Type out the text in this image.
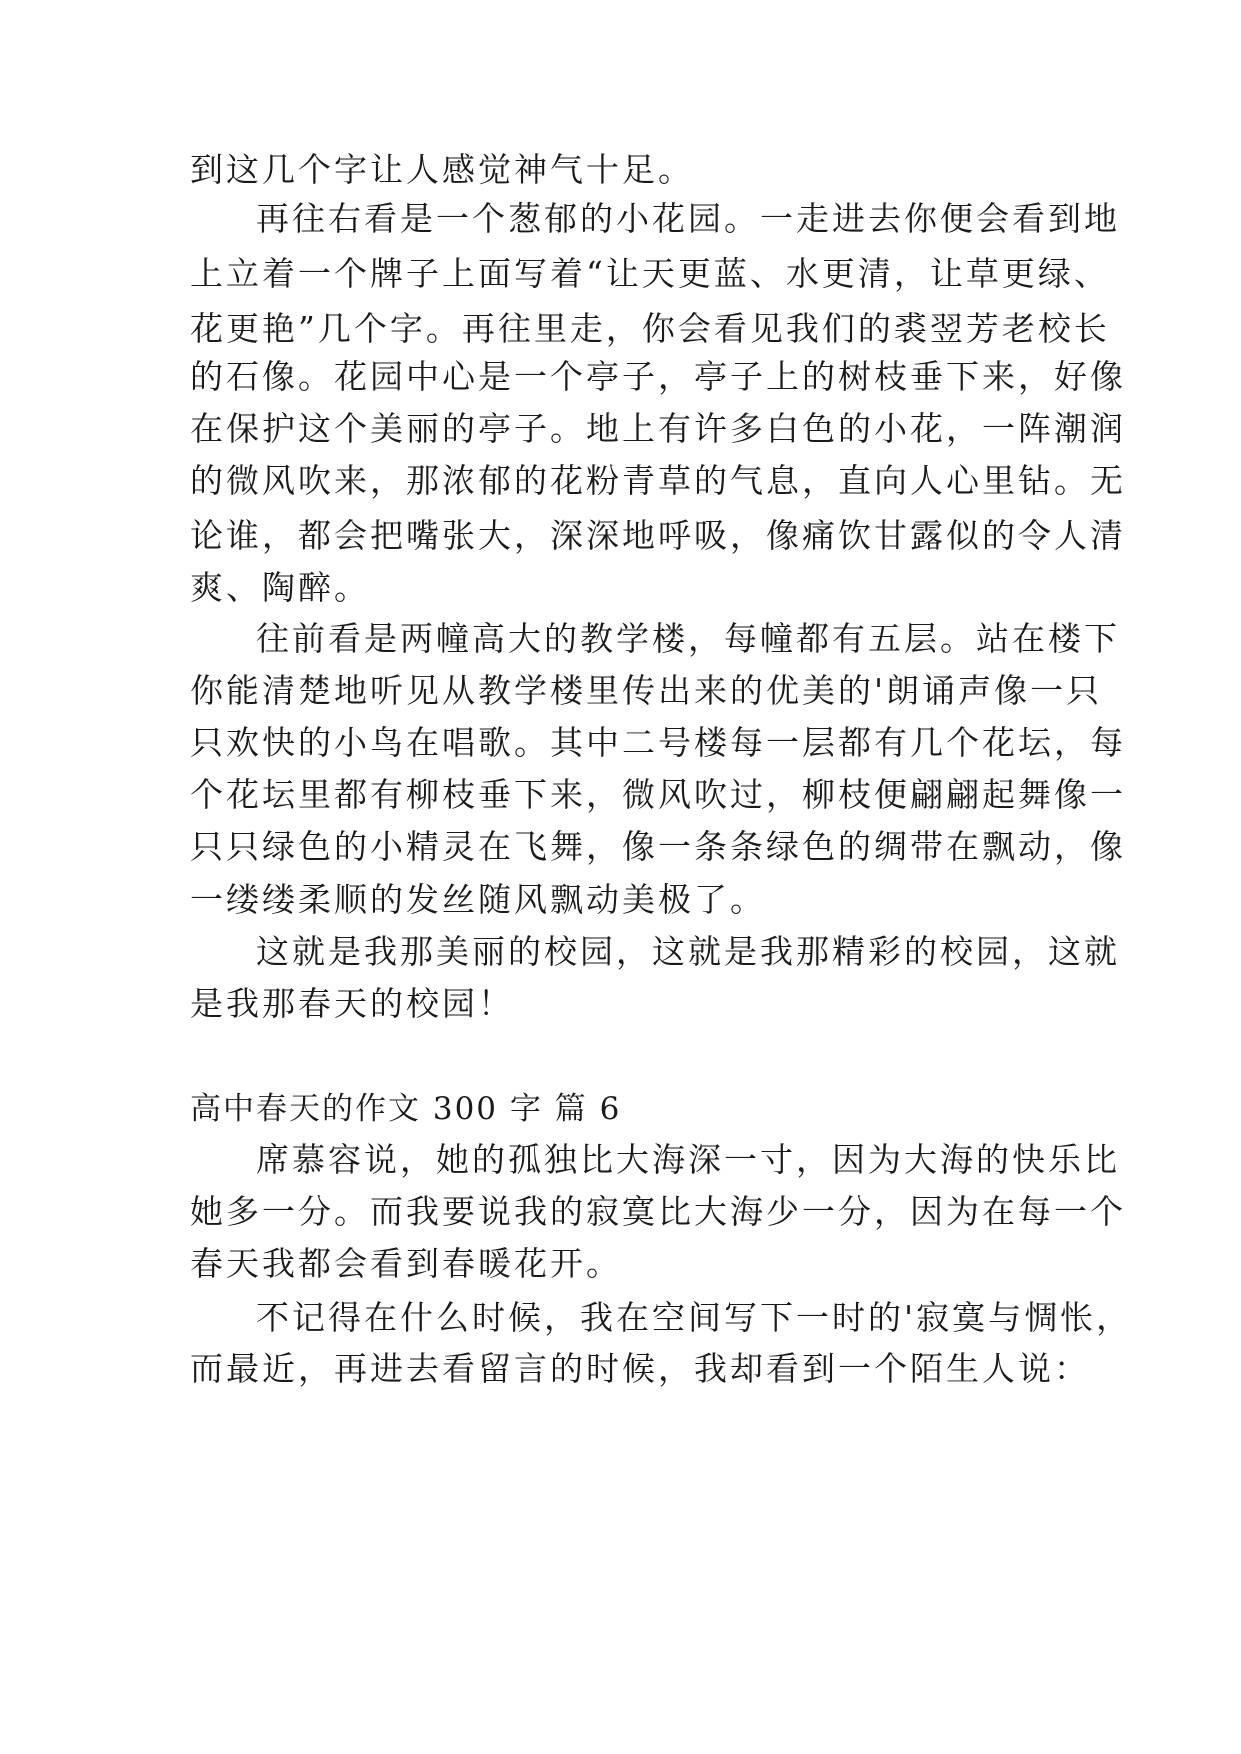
到这几个字让人感觉神气十足。
再往右看是一个葱郁的小花园。一走进去你便会看到地
上立着一个牌子上面写着“让天更蓝、水更清，让草更绿、
花更艳”几个字。再往里走，你会看见我们的裘翌芳老校长
的石像。花园中心是一个亭子，亭子上的树枝垂下来，好像
在保护这个美丽的亭子。地上有许多白色的小花，一阵潮润
的微风吹来，那浓郁的花粉青草的气息，直向人心里钻。无
论谁，都会把嘴张大，深深地呼吸，像痛饮甘露似的令人清
爽、陶醉。
往前看是两幢高大的教学楼，每幢都有五层。站在楼下
你能清楚地听见从教学楼里传出来的优美的'朗诵声像一只
只欢快的小鸟在唱歌。其中二号楼每一层都有几个花坛，每
个花坛里都有柳枝垂下来，微风吹过，柳枝便翩翩起舞像一
只只绿色的小精灵在飞舞，像一条条绿色的绸带在飘动，像
一缕缕柔顺的发丝随风飘动美极了。
这就是我那美丽的校园，这就是我那精彩的校园，这就
是我那春天的校园！
高中春天的作文 300 字 篇 6
席慕容说，她的孤独比大海深一寸，因为大海的快乐比
她多一分。而我要说我的寂寞比大海少一分，因为在每一个
春天我都会看到春暖花开。
不记得在什么时候，我在空间写下一时的'寂寞与惆怅，
而最近，再进去看留言的时候，我却看到一个陌生人说：
